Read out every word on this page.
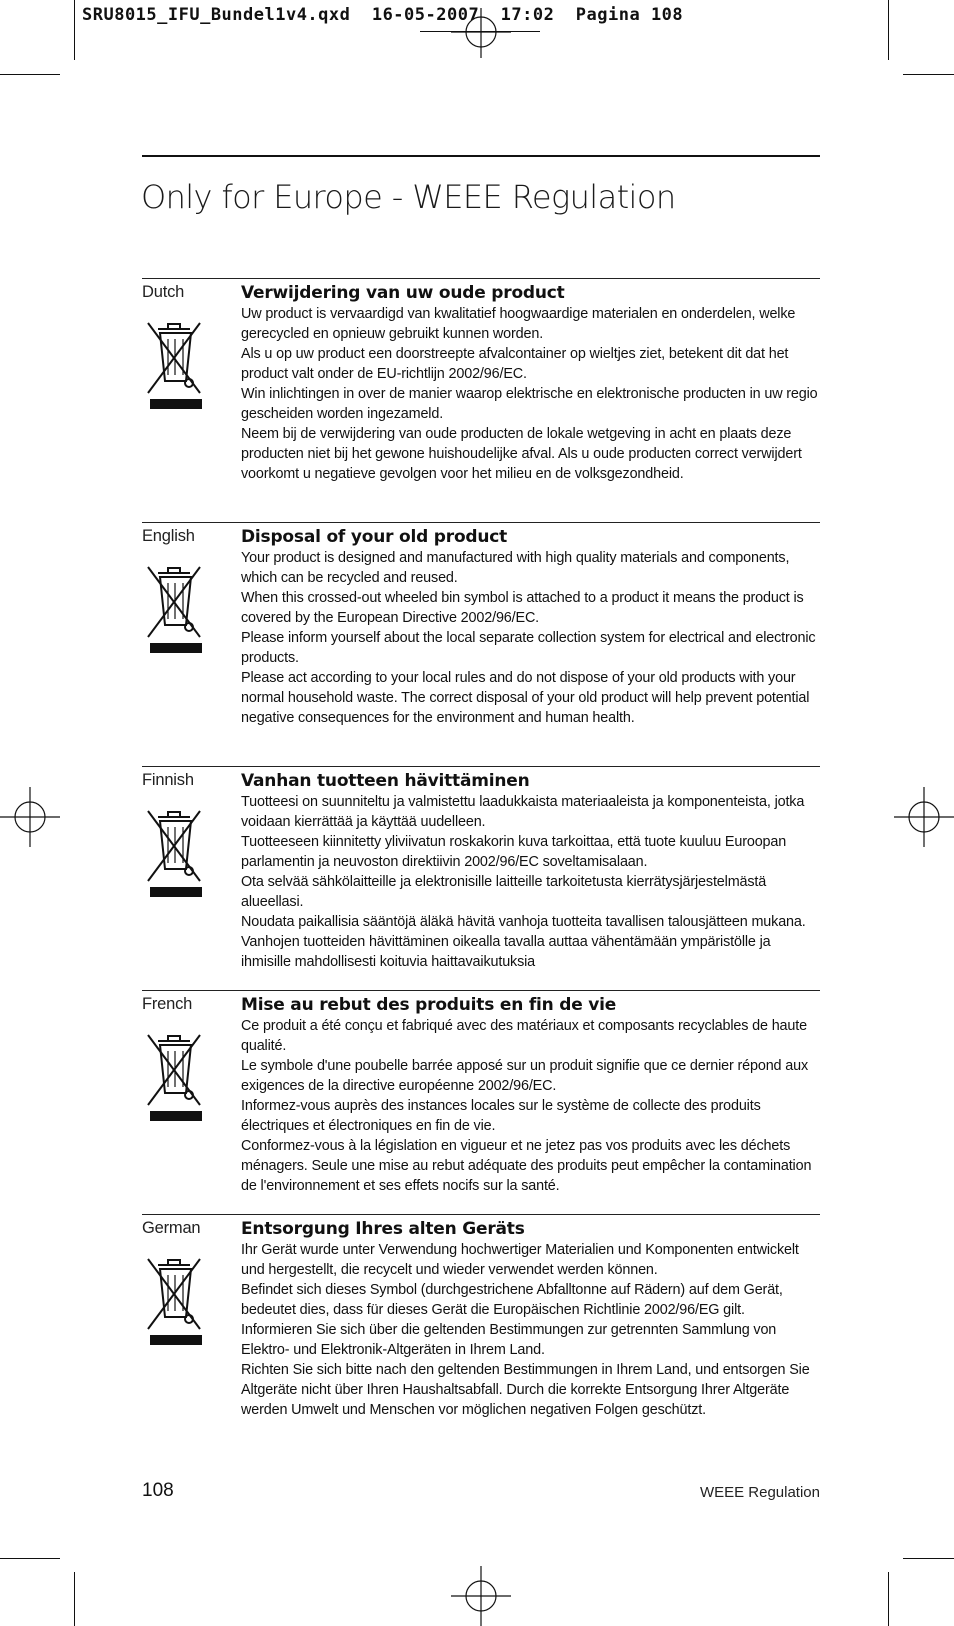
SRU8015_IFU_Bundel1v4.qxd  16-05-2007  17:02  Pagina 108
Only for Europe - WEEE Regulation
Dutch	Verwijdering van uw oude product

Uw product is vervaardigd van kwalitatief hoogwaardige materialen en onderdelen, welke gerecycled en opnieuw gebruikt kunnen worden.

Als u op uw product een doorstreepte afvalcontainer op wieltjes ziet, betekent dit dat het product valt onder de EU-richtlijn 2002/96/EC.

Win inlichtingen in over de manier waarop elektrische en elektronische producten in uw regio gescheiden worden ingezameld.

Neem bij de verwijdering van oude producten de lokale wetgeving in acht en plaats deze producten niet bij het gewone huishoudelijke afval. Als u oude producten correct verwijdert voorkomt u negatieve gevolgen voor het milieu en de volksgezondheid.

English	Disposal of your old product

Your product is designed and manufactured with high quality materials and components, which can be recycled and reused.

When this crossed-out wheeled bin symbol is attached to a product it means the product is covered by the European Directive 2002/96/EC.

Please inform yourself about the local separate collection system for electrical and electronic products.

Please act according to your local rules and do not dispose of your old products with your normal household waste. The correct disposal of your old product will help prevent potential negative consequences for the environment and human health.

Finnish	Vanhan tuotteen hävittäminen

Tuotteesi on suunniteltu ja valmistettu laadukkaista materiaaleista ja komponenteista, jotka voidaan kierrättää ja käyttää uudelleen.

Tuotteeseen kiinnitetty yliviivatun roskakorin kuva tarkoittaa, että tuote kuuluu Euroopan parlamentin ja neuvoston direktiivin 2002/96/EC soveltamisalaan.

Ota selvää sähkölaitteille ja elektronisille laitteille tarkoitetusta kierrätysjärjestelmästä alueellasi.

Noudata paikallisia sääntöjä äläkä hävitä vanhoja tuotteita tavallisen talousjätteen mukana. Vanhojen tuotteiden hävittäminen oikealla tavalla auttaa vähentämään ympäristölle ja ihmisille mahdollisesti koituvia haittavaikutuksia

French	Mise au rebut des produits en fin de vie

Ce produit a été conçu et fabriqué avec des matériaux et composants recyclables de haute qualité.

Le symbole d'une poubelle barrée apposé sur un produit signifie que ce dernier répond aux exigences de la directive européenne 2002/96/EC.

Informez-vous auprès des instances locales sur le système de collecte des produits électriques et électroniques en fin de vie.

Conformez-vous à la législation en vigueur et ne jetez pas vos produits avec les déchets ménagers. Seule une mise au rebut adéquate des produits peut empêcher la contamination de l'environnement et ses effets nocifs sur la santé.

German Entsorgung Ihres alten Geräts

Ihr Gerät wurde unter Verwendung hochwertiger Materialien und Komponenten entwickelt und hergestellt, die recycelt und wieder verwendet werden können.

Befindet sich dieses Symbol (durchgestrichene Abfalltonne auf Rädern) auf dem Gerät, bedeutet dies, dass für dieses Gerät die Europäischen Richtlinie 2002/96/EG gilt.

Informieren Sie sich über die geltenden Bestimmungen zur getrennten Sammlung von Elektro- und Elektronik-Altgeräten in Ihrem Land.

Richten Sie sich bitte nach den geltenden Bestimmungen in Ihrem Land, und entsorgen Sie Altgeräte nicht über Ihren Haushaltsabfall. Durch die korrekte Entsorgung Ihrer Altgeräte werden Umwelt und Menschen vor möglichen negativen Folgen geschützt.

108	WEEE Regulation
